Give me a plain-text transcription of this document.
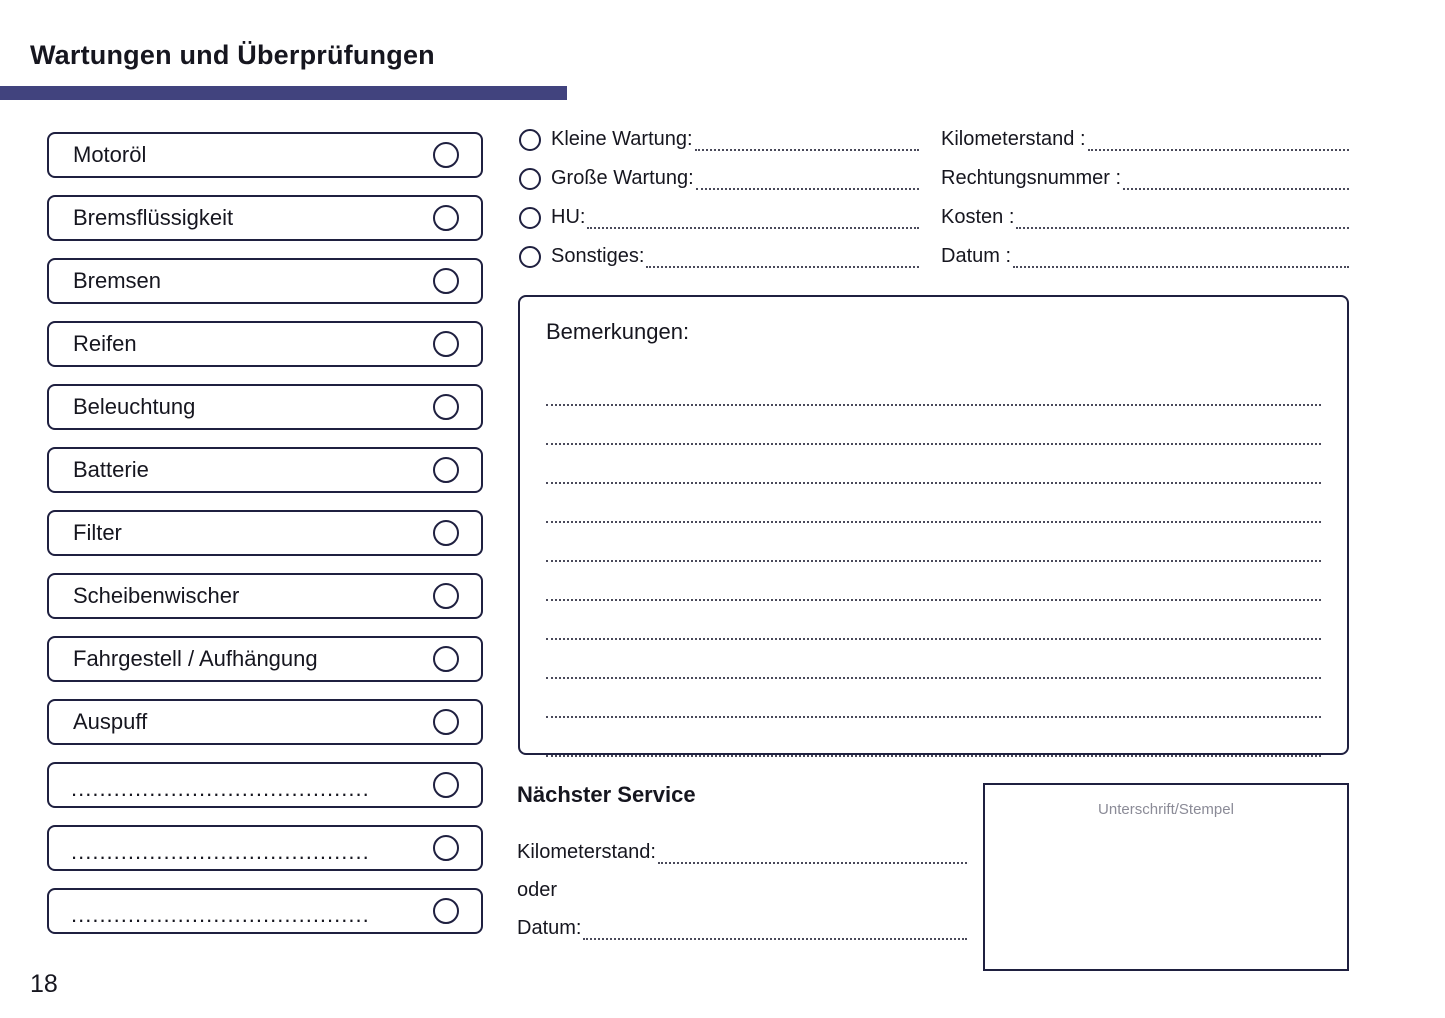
Wartungen und Überprüfungen
Motoröl
Bremsflüssigkeit
Bremsen
Reifen
Beleuchtung
Batterie
Filter
Scheibenwischer
Fahrgestell / Aufhängung
Auspuff
..........................................
..........................................
..........................................
Kleine Wartung:	Kilometerstand :
Große Wartung:	Rechtungsnummer :
HU:	Kosten :
Sonstiges:	Datum :
Bemerkungen:
Nächster Service
Kilometerstand:
oder
Datum:
Unterschrift/Stempel
18
